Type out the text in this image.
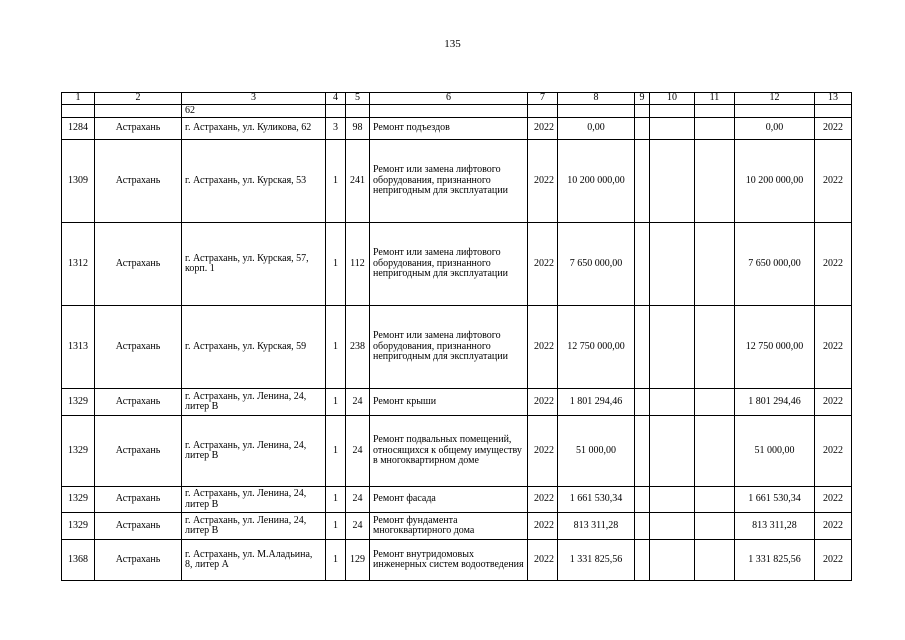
135
1	2	3	4	5	6	7	8	9	10	11	12	13
		62										
1284	Астрахань	г. Астрахань, ул. Куликова, 62	3	98	Ремонт подъездов	2022	0,00				0,00	2022
1309	Астрахань	г. Астрахань, ул. Курская, 53	1	241	Ремонт или замена лифтового оборудования, признанного непригодным для эксплуатации	2022	10 200 000,00				10 200 000,00	2022
1312	Астрахань	г. Астрахань, ул. Курская, 57, корп. 1	1	112	Ремонт или замена лифтового оборудования, признанного непригодным для эксплуатации	2022	7 650 000,00				7 650 000,00	2022
1313	Астрахань	г. Астрахань, ул. Курская, 59	1	238	Ремонт или замена лифтового оборудования, признанного непригодным для эксплуатации	2022	12 750 000,00				12 750 000,00	2022
1329	Астрахань	г. Астрахань, ул. Ленина, 24, литер В	1	24	Ремонт крыши	2022	1 801 294,46				1 801 294,46	2022
1329	Астрахань	г. Астрахань, ул. Ленина, 24, литер В	1	24	Ремонт подвальных помещений, относящихся к общему имуществу в многоквартирном доме	2022	51 000,00				51 000,00	2022
1329	Астрахань	г. Астрахань, ул. Ленина, 24, литер В	1	24	Ремонт фасада	2022	1 661 530,34				1 661 530,34	2022
1329	Астрахань	г. Астрахань, ул. Ленина, 24, литер В	1	24	Ремонт фундамента многоквартирного дома	2022	813 311,28				813 311,28	2022
1368	Астрахань	г. Астрахань, ул. М.Аладьина, 8, литер А	1	129	Ремонт внутридомовых инженерных систем водоотведения	2022	1 331 825,56				1 331 825,56	2022
